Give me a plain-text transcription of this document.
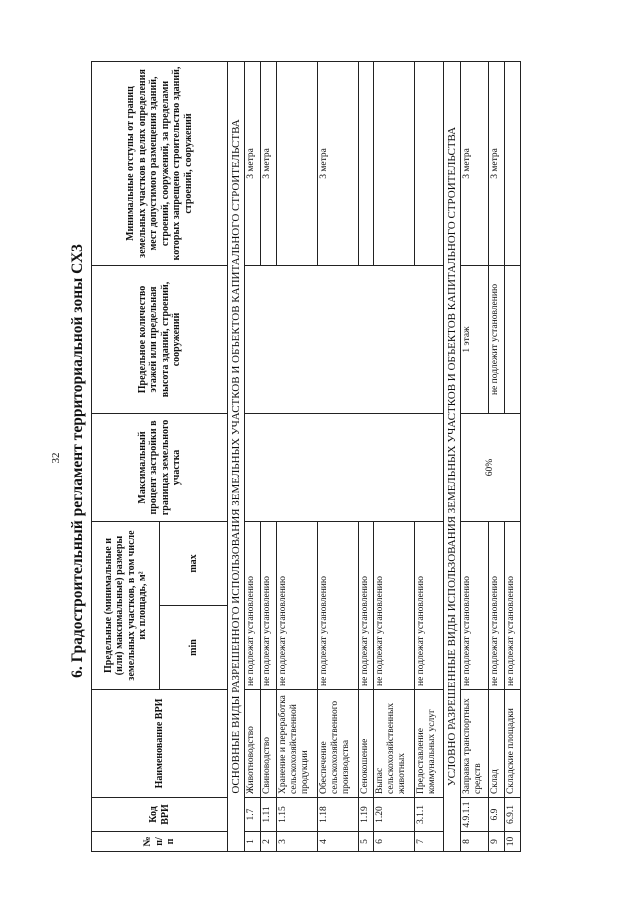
32 6. Градостроительный регламент территориальной зоны СХ3
№ п/п	Код ВРИ	Наименование ВРИ	Предельные (минимальные и (или) максимальные) размеры земельных участков, в том числе их площадь, м²		Максимальный процент застройки в границах земельного участка	Предельное количество этажей или предельная высота зданий, строений, сооружений	Минимальные отступы от границ земельных участков в целях определения мест допустимого размещения зданий, строений, сооружений, за пределами которых запрещено строительство зданий, строений, сооружений
			min	max			
ОСНОВНЫЕ ВИДЫ РАЗРЕШЕННОГО ИСПОЛЬЗОВАНИЯ ЗЕМЕЛЬНЫХ УЧАСТКОВ И ОБЪЕКТОВ КАПИТАЛЬНОГО СТРОИТЕЛЬСТВА							
1	1.7	Животноводство	не подлежат установлению				3 метра
2	1.11	Свиноводство	не подлежат установлению				3 метра
3	1.15	Хранение и переработка сельскохозяйственной продукции	не подлежат установлению				
4	1.18	Обеспечение сельскохозяйственного производства	не подлежат установлению				3 метра
5	1.19	Сенокошение	не подлежат установлению				
6	1.20	Выпас сельскохозяйственных животных	не подлежат установлению				
7	3.1.1	Предоставление коммунальных услуг	не подлежат установлению				
УСЛОВНО РАЗРЕШЕННЫЕ ВИДЫ ИСПОЛЬЗОВАНИЯ ЗЕМЕЛЬНЫХ УЧАСТКОВ И ОБЪЕКТОВ КАПИТАЛЬНОГО СТРОИТЕЛЬСТВА							
8	4.9.1.1	Заправка транспортных средств	не подлежат установлению		60%	1 этаж	3 метра
9	6.9	Склад	не подлежат установлению			не подлежит установлению	3 метра
10	6.9.1	Складские площадки	не подлежат установлению				
